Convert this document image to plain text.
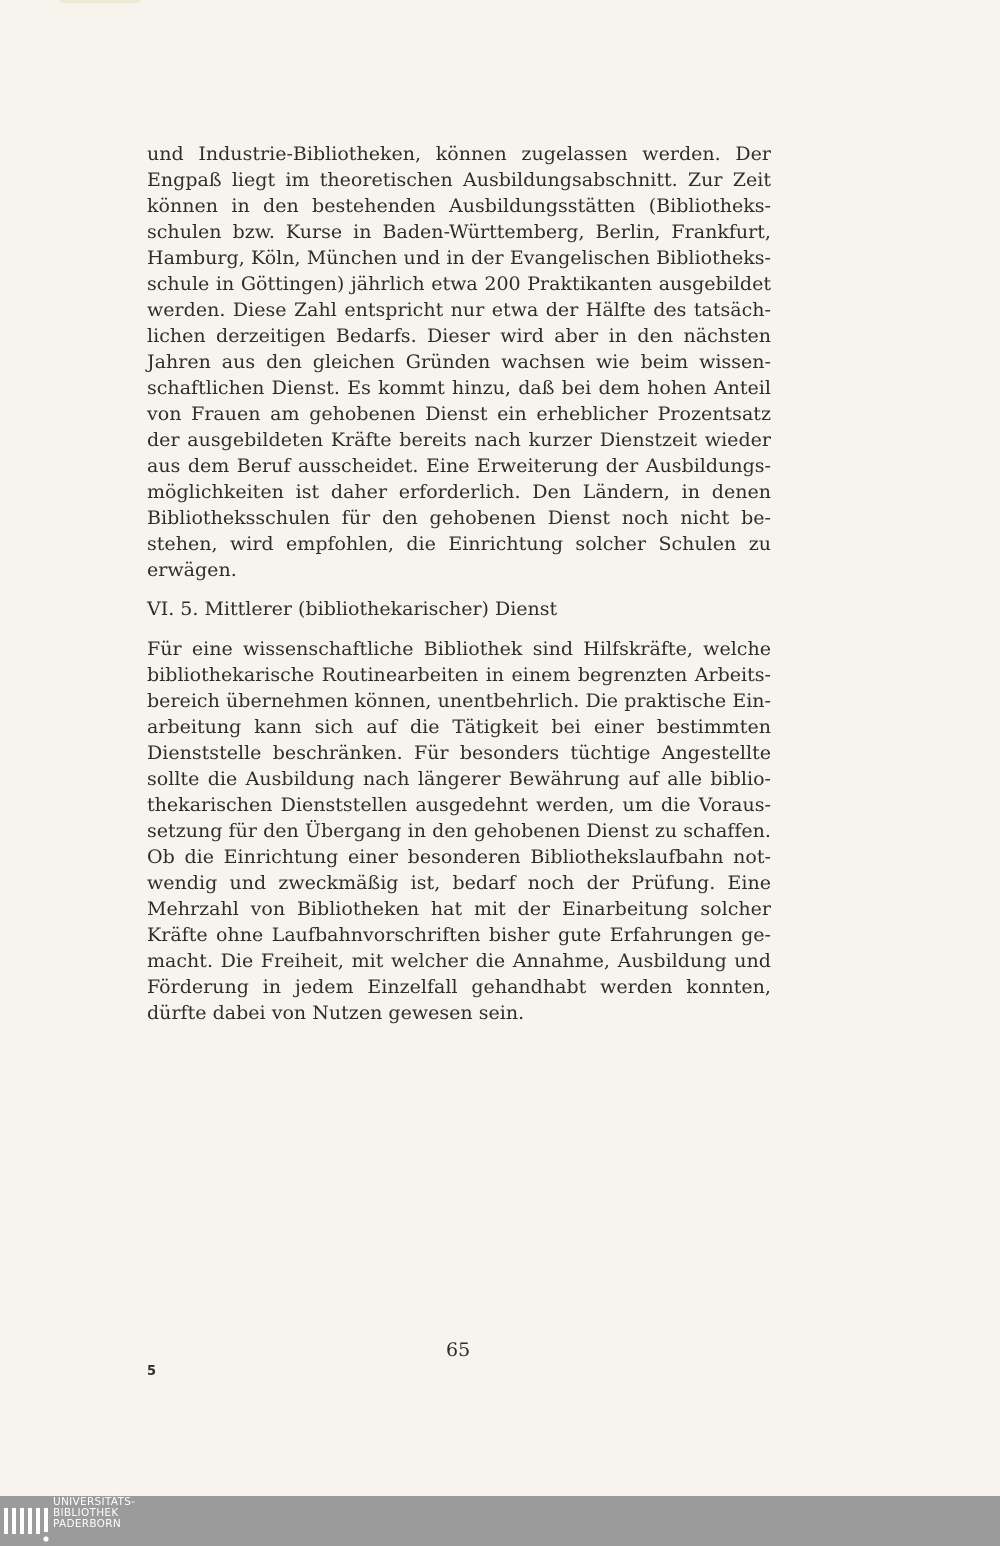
und Industrie-Bibliotheken, können zugelassen werden. Der
Engpaß liegt im theoretischen Ausbildungsabschnitt. Zur Zeit
können in den bestehenden Ausbildungsstätten (Bibliotheks-
schulen bzw. Kurse in Baden-Württemberg, Berlin, Frankfurt,
Hamburg, Köln, München und in der Evangelischen Bibliotheks-
schule in Göttingen) jährlich etwa 200 Praktikanten ausgebildet
werden. Diese Zahl entspricht nur etwa der Hälfte des tatsäch-
lichen derzeitigen Bedarfs. Dieser wird aber in den nächsten
Jahren aus den gleichen Gründen wachsen wie beim wissen-
schaftlichen Dienst. Es kommt hinzu, daß bei dem hohen Anteil
von Frauen am gehobenen Dienst ein erheblicher Prozentsatz
der ausgebildeten Kräfte bereits nach kurzer Dienstzeit wieder
aus dem Beruf ausscheidet. Eine Erweiterung der Ausbildungs-
möglichkeiten ist daher erforderlich. Den Ländern, in denen
Bibliotheksschulen für den gehobenen Dienst noch nicht be-
stehen, wird empfohlen, die Einrichtung solcher Schulen zu
erwägen.
VI. 5. Mittlerer (bibliothekarischer) Dienst
Für eine wissenschaftliche Bibliothek sind Hilfskräfte, welche
bibliothekarische Routinearbeiten in einem begrenzten Arbeits-
bereich übernehmen können, unentbehrlich. Die praktische Ein-
arbeitung kann sich auf die Tätigkeit bei einer bestimmten
Dienststelle beschränken. Für besonders tüchtige Angestellte
sollte die Ausbildung nach längerer Bewährung auf alle biblio-
thekarischen Dienststellen ausgedehnt werden, um die Voraus-
setzung für den Übergang in den gehobenen Dienst zu schaffen.
Ob die Einrichtung einer besonderen Bibliothekslaufbahn not-
wendig und zweckmäßig ist, bedarf noch der Prüfung. Eine
Mehrzahl von Bibliotheken hat mit der Einarbeitung solcher
Kräfte ohne Laufbahnvorschriften bisher gute Erfahrungen ge-
macht. Die Freiheit, mit welcher die Annahme, Ausbildung und
Förderung in jedem Einzelfall gehandhabt werden konnten,
dürfte dabei von Nutzen gewesen sein.
65
5
UNIVERSITÄTS-
BIBLIOTHEK
PADERBORN
